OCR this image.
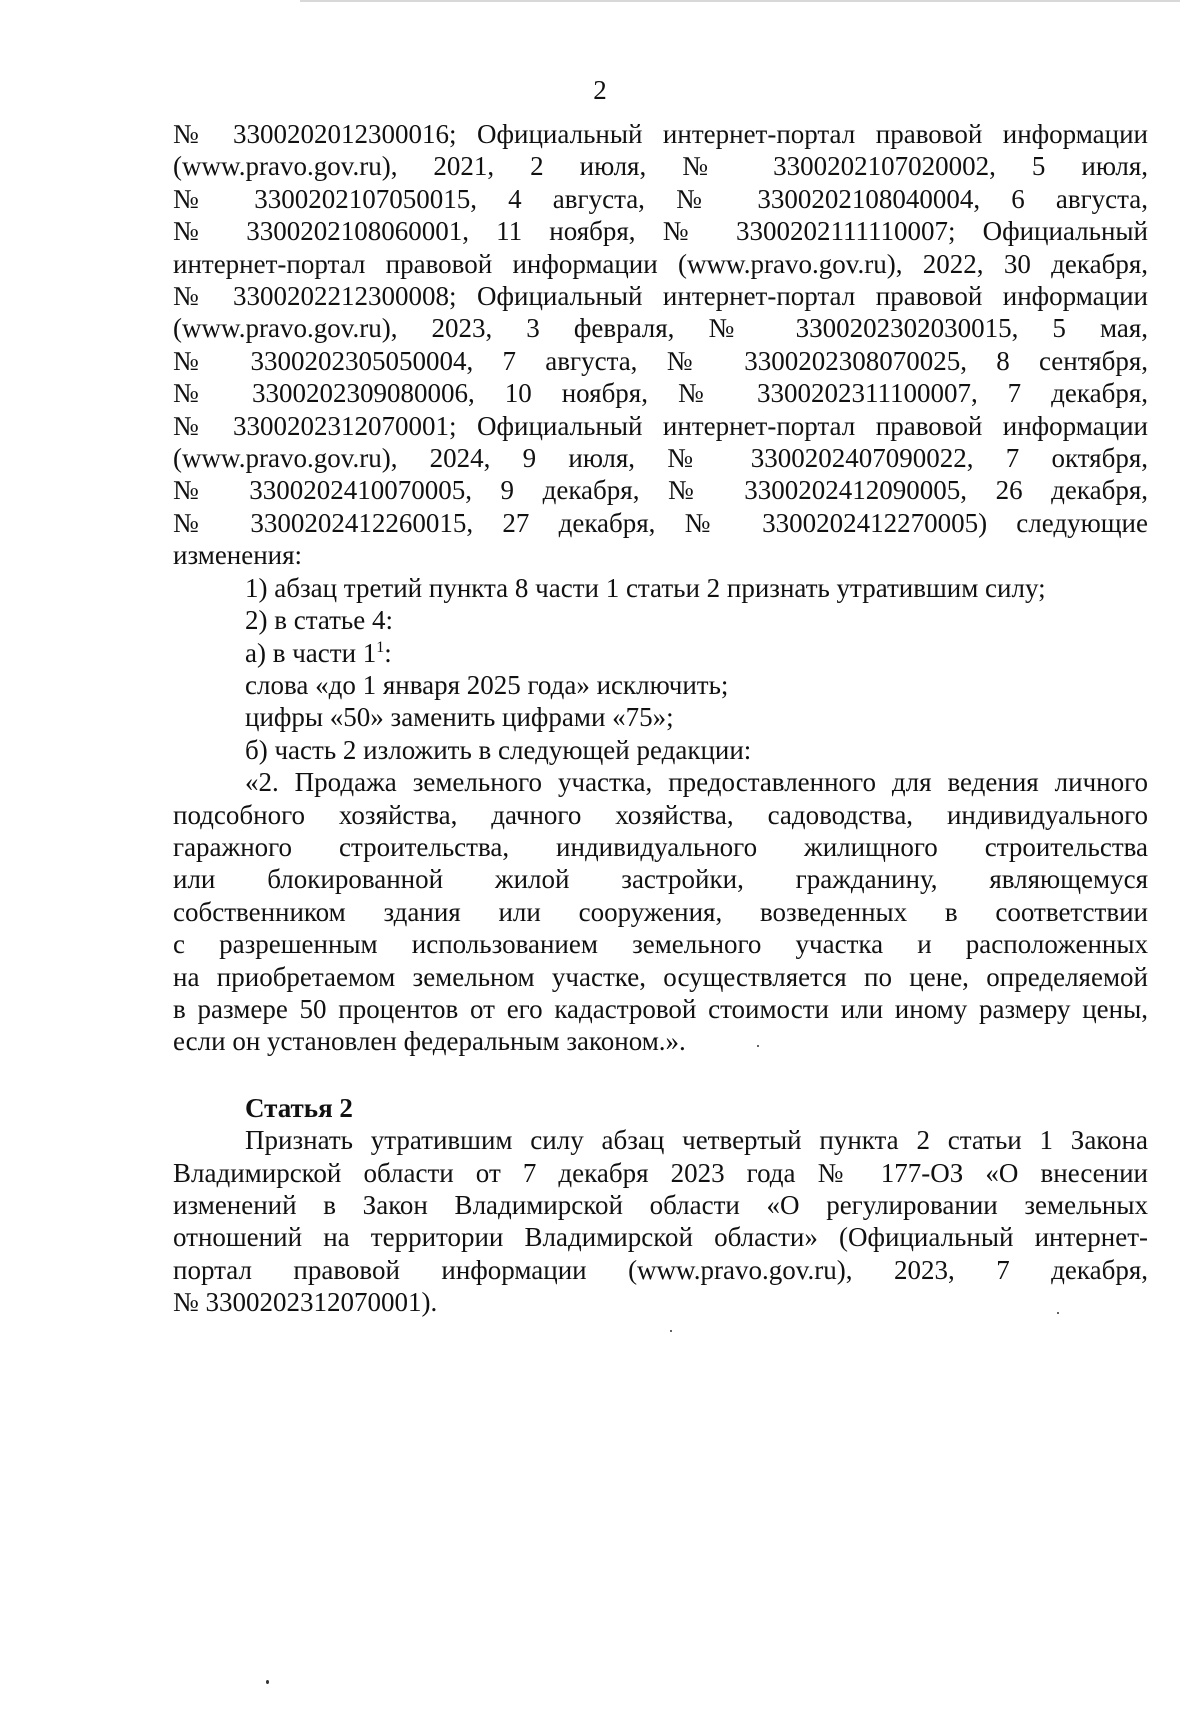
2

№ 3300202012300016; Официальный интернет-портал правовой информации
(www.pravo.gov.ru), 2021, 2 июля, № 3300202107020002, 5 июля,
№ 3300202107050015, 4 августа, № 3300202108040004, 6 августа,
№ 3300202108060001, 11 ноября, № 3300202111110007; Официальный
интернет-портал правовой информации (www.pravo.gov.ru), 2022, 30 декабря,
№ 3300202212300008; Официальный интернет-портал правовой информации
(www.pravo.gov.ru), 2023, 3 февраля, № 3300202302030015, 5 мая,
№ 3300202305050004, 7 августа, № 3300202308070025, 8 сентября,
№ 3300202309080006, 10 ноября, № 3300202311100007, 7 декабря,
№ 3300202312070001; Официальный интернет-портал правовой информации
(www.pravo.gov.ru), 2024, 9 июля, № 3300202407090022, 7 октября,
№ 3300202410070005, 9 декабря, № 3300202412090005, 26 декабря,
№ 3300202412260015, 27 декабря, № 3300202412270005) следующие
изменения:

1) абзац третий пункта 8 части 1 статьи 2 признать утратившим силу;

2) в статье 4:

а) в части $1^1$:

слова «до 1 января 2025 года» исключить;

цифры «50» заменить цифрами «75»;

б) часть 2 изложить в следующей редакции:

«2. Продажа земельного участка, предоставленного для ведения личного
подсобного хозяйства, дачного хозяйства, садоводства, индивидуального
гаражного строительства, индивидуального жилищного строительства
или блокированной жилой застройки, гражданину, являющемуся
собственником здания или сооружения, возведенных в соответствии
с разрешенным использованием земельного участка и расположенных
на приобретаемом земельном участке, осуществляется по цене, определяемой
в размере 50 процентов от его кадастровой стоимости или иному размеру цены,
если он установлен федеральным законом.».

Статья 2

Признать утратившим силу абзац четвертый пункта 2 статьи 1 Закона
Владимирской области от 7 декабря 2023 года № 177-ОЗ «О внесении
изменений в Закон Владимирской области «О регулировании земельных
отношений на территории Владимирской области» (Официальный интернет-
портал правовой информации (www.pravo.gov.ru), 2023, 7 декабря,
№ 3300202312070001).
